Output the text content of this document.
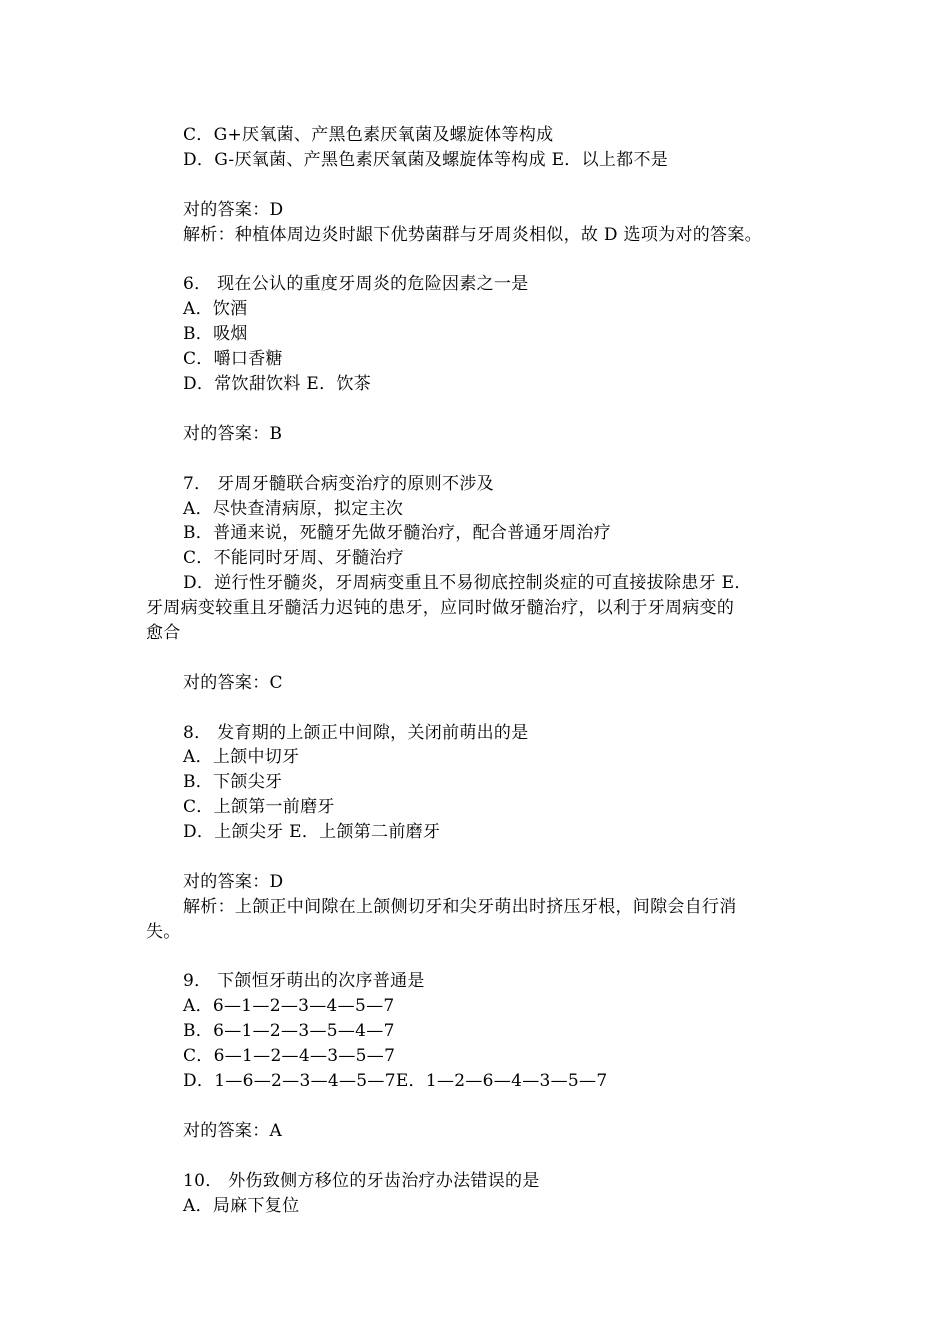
C．G+厌氧菌、产黑色素厌氧菌及螺旋体等构成
D．G-厌氧菌、产黑色素厌氧菌及螺旋体等构成 E．以上都不是
对的答案：D
解析：种植体周边炎时龈下优势菌群与牙周炎相似，故 D 选项为对的答案。
6． 现在公认的重度牙周炎的危险因素之一是
A．饮酒
B．吸烟
C．嚼口香糖
D．常饮甜饮料 E．饮茶
对的答案：B
7． 牙周牙髓联合病变治疗的原则不涉及
A．尽快查清病原，拟定主次
B．普通来说，死髓牙先做牙髓治疗，配合普通牙周治疗
C．不能同时牙周、牙髓治疗
D．逆行性牙髓炎，牙周病变重且不易彻底控制炎症的可直接拔除患牙 E．
牙周病变较重且牙髓活力迟钝的患牙，应同时做牙髓治疗，以利于牙周病变的
愈合
对的答案：C
8． 发育期的上颌正中间隙，关闭前萌出的是
A．上颌中切牙
B．下颌尖牙
C．上颌第一前磨牙
D．上颌尖牙 E．上颌第二前磨牙
对的答案：D
解析：上颌正中间隙在上颌侧切牙和尖牙萌出时挤压牙根，间隙会自行消
失。
9． 下颌恒牙萌出的次序普通是
A．6—1—2—3—4—5—7
B．6—1—2—3—5—4—7
C．6—1—2—4—3—5—7
D．1—6—2—3—4—5—7E．1—2—6—4—3—5—7
对的答案：A
10． 外伤致侧方移位的牙齿治疗办法错误的是
A．局麻下复位
